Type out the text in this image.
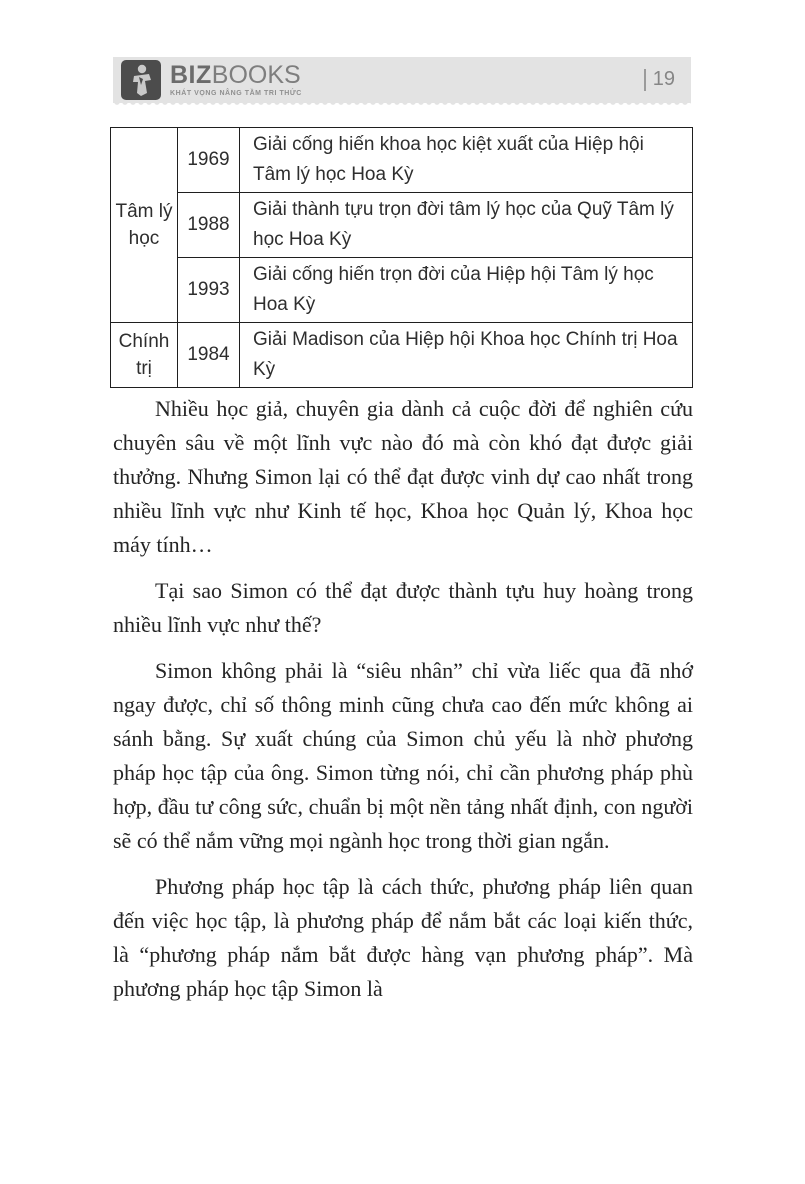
BIZBOOKS
KHÁT VỌNG NÂNG TẦM TRI THỨC
19
Tâm lý học	1969	Giải cống hiến khoa học kiệt xuất của Hiệp hội Tâm lý học Hoa Kỳ
	1988	Giải thành tựu trọn đời tâm lý học của Quỹ Tâm lý học Hoa Kỳ
	1993	Giải cống hiến trọn đời của Hiệp hội Tâm lý học Hoa Kỳ
Chính trị	1984	Giải Madison của Hiệp hội Khoa học Chính trị Hoa Kỳ

Nhiều học giả, chuyên gia dành cả cuộc đời để nghiên cứu chuyên sâu về một lĩnh vực nào đó mà còn khó đạt được giải thưởng. Nhưng Simon lại có thể đạt được vinh dự cao nhất trong nhiều lĩnh vực như Kinh tế học, Khoa học Quản lý, Khoa học máy tính…

Tại sao Simon có thể đạt được thành tựu huy hoàng trong nhiều lĩnh vực như thế?

Simon không phải là “siêu nhân” chỉ vừa liếc qua đã nhớ ngay được, chỉ số thông minh cũng chưa cao đến mức không ai sánh bằng. Sự xuất chúng của Simon chủ yếu là nhờ phương pháp học tập của ông. Simon từng nói, chỉ cần phương pháp phù hợp, đầu tư công sức, chuẩn bị một nền tảng nhất định, con người sẽ có thể nắm vững mọi ngành học trong thời gian ngắn.

Phương pháp học tập là cách thức, phương pháp liên quan đến việc học tập, là phương pháp để nắm bắt các loại kiến thức, là “phương pháp nắm bắt được hàng vạn phương pháp”. Mà phương pháp học tập Simon là
